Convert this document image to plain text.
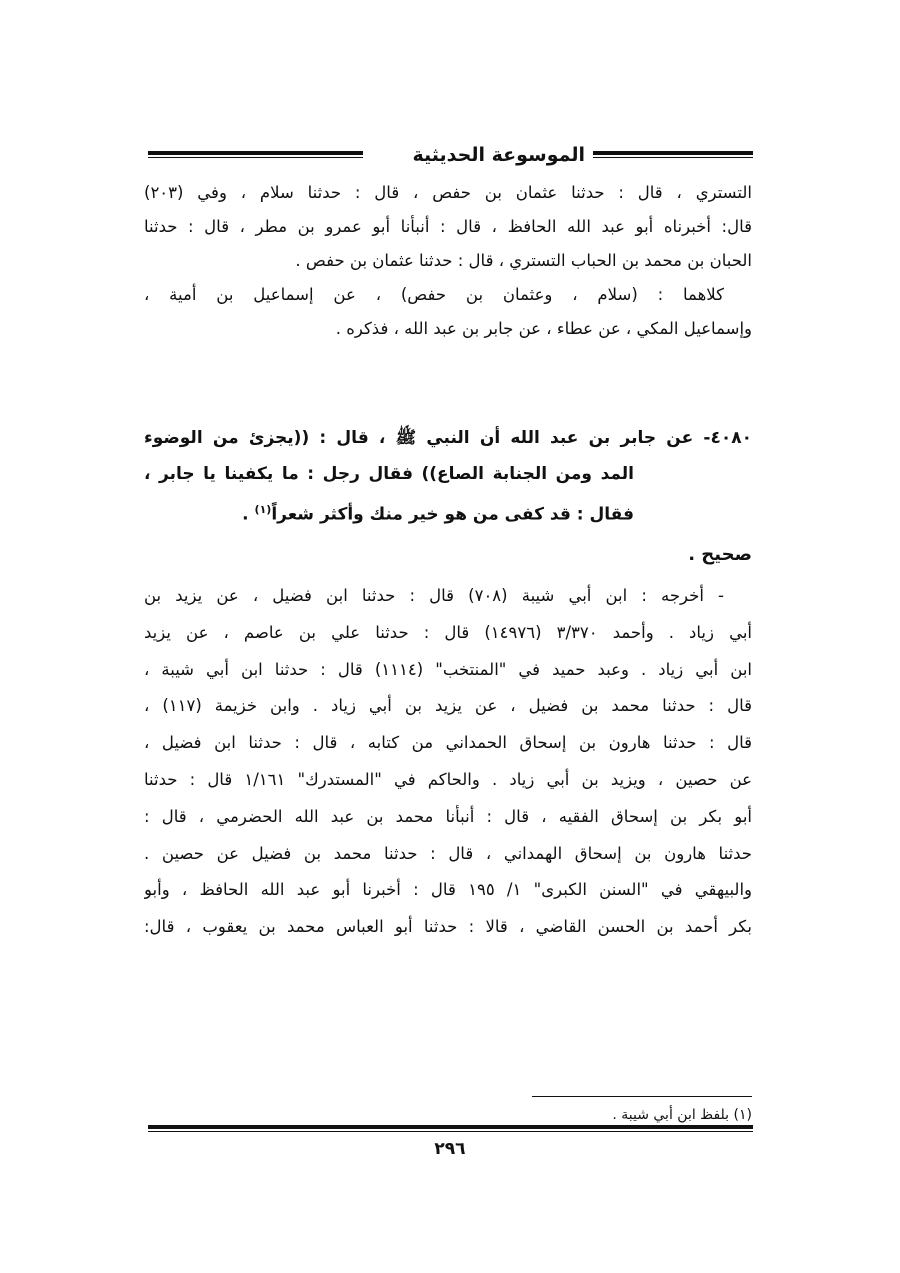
الموسوعة الحديثية
التستري ، قال : حدثنا عثمان بن حفص ، قال : حدثنا سلام ، وفي (٢٠٣)
قال: أخبرناه أبو عبد الله الحافظ ، قال : أنبأنا أبو عمرو بن مطر ، قال : حدثنا
الحبان بن محمد بن الحباب التستري ، قال : حدثنا عثمان بن حفص .
كلاهما : (سلام ، وعثمان بن حفص) ، عن إسماعيل بن أمية ،
وإسماعيل المكي ، عن عطاء ، عن جابر بن عبد الله ، فذكره .
٤٠٨٠- عن جابر بن عبد الله أن النبي ﷺ ، قال : ((يجزئ من الوضوء
المد ومن الجنابة الصاع)) فقال رجل : ما يكفينا يا جابر ،
فقال : قد كفى من هو خير منك وأكثر شعراً$^{(١)}$ .
صحيح .
- أخرجه : ابن أبي شيبة (٧٠٨) قال : حدثنا ابن فضيل ، عن يزيد بن
أبي زياد . وأحمد ٣/٣٧٠ (١٤٩٧٦) قال : حدثنا علي بن عاصم ، عن يزيد
ابن أبي زياد . وعبد حميد في "المنتخب" (١١١٤) قال : حدثنا ابن أبي شيبة ،
قال : حدثنا محمد بن فضيل ، عن يزيد بن أبي زياد . وابن خزيمة (١١٧) ،
قال : حدثنا هارون بن إسحاق الحمداني من كتابه ، قال : حدثنا ابن فضيل ،
عن حصين ، ويزيد بن أبي زياد . والحاكم في "المستدرك" ١/١٦١ قال : حدثنا
أبو بكر بن إسحاق الفقيه ، قال : أنبأنا محمد بن عبد الله الحضرمي ، قال :
حدثنا هارون بن إسحاق الهمداني ، قال : حدثنا محمد بن فضيل عن حصين .
والبيهقي في "السنن الكبرى" ١/ ١٩٥ قال : أخبرنا أبو عبد الله الحافظ ، وأبو
بكر أحمد بن الحسن القاضي ، قالا : حدثنا أبو العباس محمد بن يعقوب ، قال:
(١) بلفظ ابن أبي شيبة .
٢٩٦
